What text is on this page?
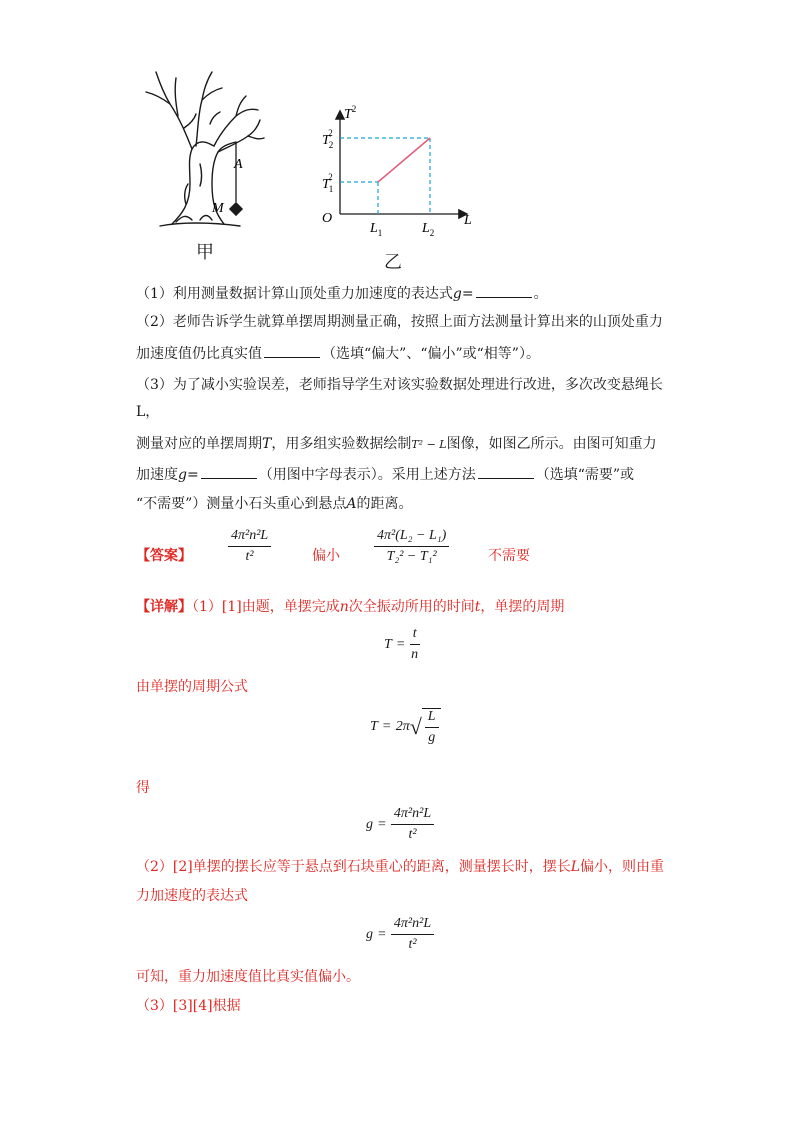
A
M
甲
$T^2$
T22
T12
O
$L_1$	$L_2$
L
乙
（1）利用测量数据计算山顶处重力加速度的表达式g=	。
（2）老师告诉学生就算单摆周期测量正确，按照上面方法测量计算出来的山顶处重力
加速度值仍比真实值	（选填“偏大”、“偏小”或“相等”）。
（3）为了减小实验误差，老师指导学生对该实验数据处理进行改进，多次改变悬绳长
L，
测量对应的单摆周期T，用多组实验数据绘制T² − L图像，如图乙所示。由图可知重力
加速度g=	（用图中字母表示）。采用上述方法	（选填“需要”或
“不需要”）测量小石头重心到悬点A的距离。
【答案】	$\frac{\text{4π²n²L}}{\text{t²}}$	偏小 $\frac{\text{4π²(L₂ − L₁)}}{\text{T₂² − T₁²}}$	不需要
【详解】（1）[1]由题，单摆完成n次全振动所用的时间t，单摆的周期
$T = \frac{t}{n}$
由单摆的周期公式
T = 2π √ $\frac{L}{g}$
得
$g = \frac{\text{4π²n²L}}{\text{t²}}$
（2）[2]单摆的摆长应等于悬点到石块重心的距离，测量摆长时，摆长L偏小，则由重
力加速度的表达式
$g = \frac{\text{4π²n²L}}{\text{t²}}$
可知，重力加速度值比真实值偏小。
（3）[3][4]根据
